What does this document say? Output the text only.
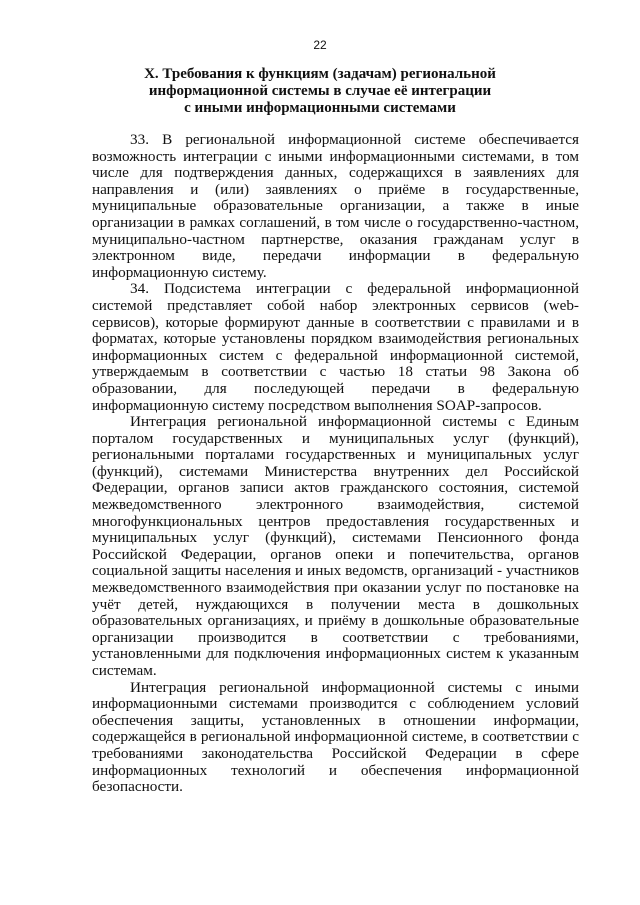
22
X. Требования к функциям (задачам) региональной
информационной системы в случае её интеграции
с иными информационными системами

33. В региональной информационной системе обеспечивается возможность интеграции с иными информационными системами, в том числе для подтверждения данных, содержащихся в заявлениях для направления и (или) заявлениях о приёме в государственные, муниципальные образовательные организации, а также в иные организации в рамках соглашений, в том числе о государственно-частном, муниципально-частном партнерстве, оказания гражданам услуг в электронном виде, передачи информации в федеральную информационную систему.

34. Подсистема интеграции с федеральной информационной системой представляет собой набор электронных сервисов (web-сервисов), которые формируют данные в соответствии с правилами и в форматах, которые установлены порядком взаимодействия региональных информационных систем с федеральной информационной системой, утверждаемым в соответствии с частью 18 статьи 98 Закона об образовании, для последующей передачи в федеральную информационную систему посредством выполнения SOAP-запросов.

Интеграция региональной информационной системы с Единым порталом государственных и муниципальных услуг (функций), региональными порталами государственных и муниципальных услуг (функций), системами Министерства внутренних дел Российской Федерации, органов записи актов гражданского состояния, системой межведомственного электронного взаимодействия, системой многофункциональных центров предоставления государственных и муниципальных услуг (функций), системами Пенсионного фонда Российской Федерации, органов опеки и попечительства, органов социальной защиты населения и иных ведомств, организаций - участников межведомственного взаимодействия при оказании услуг по постановке на учёт детей, нуждающихся в получении места в дошкольных образовательных организациях, и приёму в дошкольные образовательные организации производится в соответствии с требованиями, установленными для подключения информационных систем к указанным системам.

Интеграция региональной информационной системы с иными информационными системами производится с соблюдением условий обеспечения защиты, установленных в отношении информации, содержащейся в региональной информационной системе, в соответствии с требованиями законодательства Российской Федерации в сфере информационных технологий и обеспечения информационной безопасности.
